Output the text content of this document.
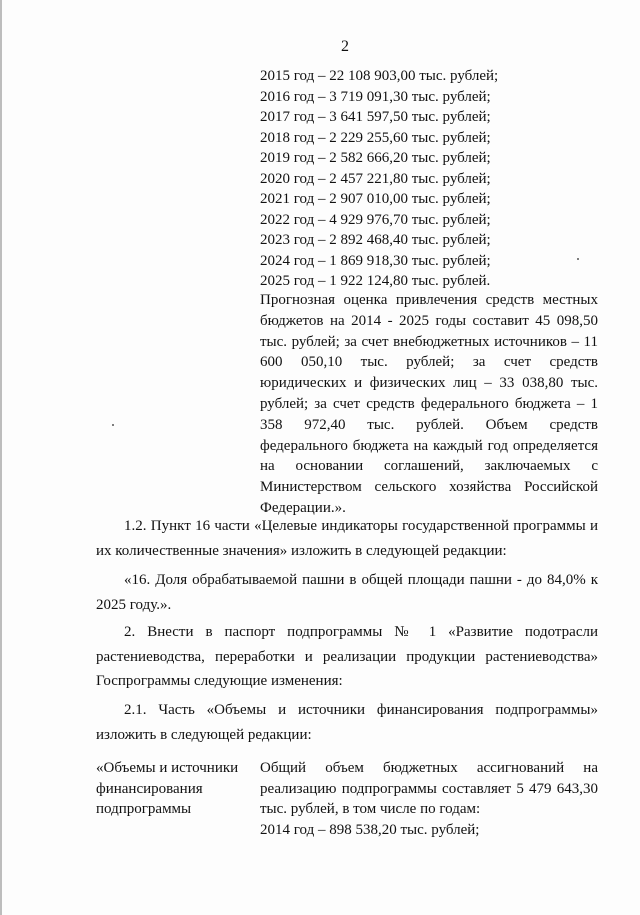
2
2015 год – 22 108 903,00 тыс. рублей;
2016 год – 3 719 091,30 тыс. рублей;
2017 год – 3 641 597,50 тыс. рублей;
2018 год – 2 229 255,60 тыс. рублей;
2019 год – 2 582 666,20 тыс. рублей;
2020 год – 2 457 221,80 тыс. рублей;
2021 год – 2 907 010,00 тыс. рублей;
2022 год – 4 929 976,70 тыс. рублей;
2023 год – 2 892 468,40 тыс. рублей;
2024 год – 1 869 918,30 тыс. рублей;
2025 год – 1 922 124,80 тыс. рублей.
Прогнозная оценка привлечения средств местных бюджетов на 2014 - 2025 годы составит 45 098,50 тыс. рублей; за счет внебюджетных источников – 11 600 050,10 тыс. рублей; за счет средств юридических и физических лиц – 33 038,80 тыс. рублей; за счет средств федерального бюджета – 1 358 972,40 тыс. рублей. Объем средств федерального бюджета на каждый год определяется на основании соглашений, заключаемых с Министерством сельского хозяйства Российской Федерации.».
1.2. Пункт 16 части «Целевые индикаторы государственной программы и их количественные значения» изложить в следующей редакции:
«16. Доля обрабатываемой пашни в общей площади пашни - до 84,0% к 2025 году.».
2. Внести в паспорт подпрограммы № 1 «Развитие подотрасли растениеводства, переработки и реализации продукции растениеводства» Госпрограммы следующие изменения:
2.1. Часть «Объемы и источники финансирования подпрограммы» изложить в следующей редакции:
«Объемы и источники финансирования подпрограммы
Общий объем бюджетных ассигнований на реализацию подпрограммы составляет 5 479 643,30 тыс. рублей, в том числе по годам:
2014 год – 898 538,20 тыс. рублей;
